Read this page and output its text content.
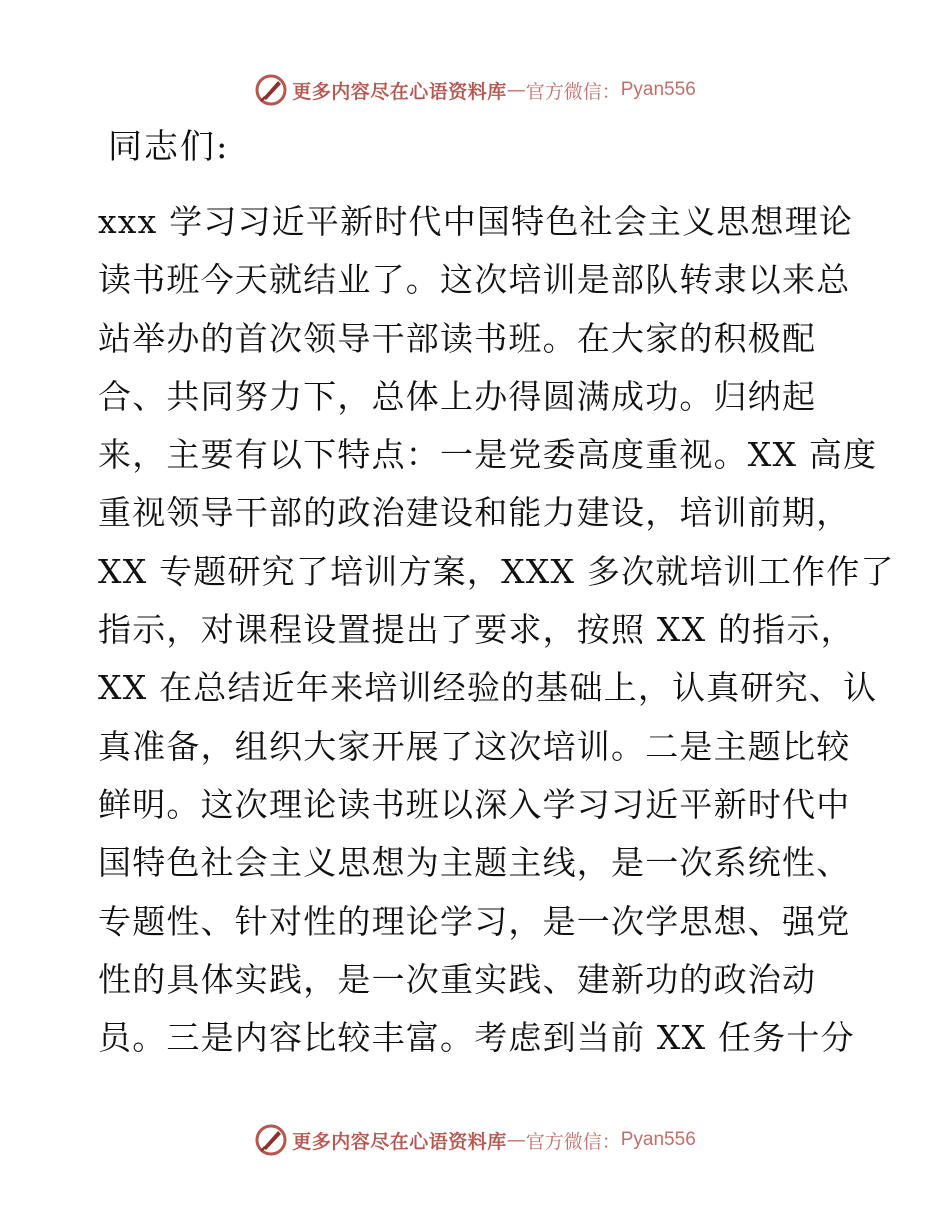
更多内容尽在心语资料库 — 官方微信： Pyan556
同志们:
xxx 学习习近平新时代中国特色社会主义思想理论
读书班今天就结业了。这次培训是部队转隶以来总
站举办的首次领导干部读书班。在大家的积极配
合、共同努力下，总体上办得圆满成功。归纳起
来，主要有以下特点：一是党委高度重视。XX 高度
重视领导干部的政治建设和能力建设，培训前期，
XX 专题研究了培训方案，XXX 多次就培训工作作了
指示，对课程设置提出了要求，按照 XX 的指示，
XX 在总结近年来培训经验的基础上，认真研究、认
真准备，组织大家开展了这次培训。二是主题比较
鲜明。这次理论读书班以深入学习习近平新时代中
国特色社会主义思想为主题主线，是一次系统性、
专题性、针对性的理论学习，是一次学思想、强党
性的具体实践，是一次重实践、建新功的政治动
员。三是内容比较丰富。考虑到当前 XX 任务十分
更多内容尽在心语资料库 — 官方微信： Pyan556
